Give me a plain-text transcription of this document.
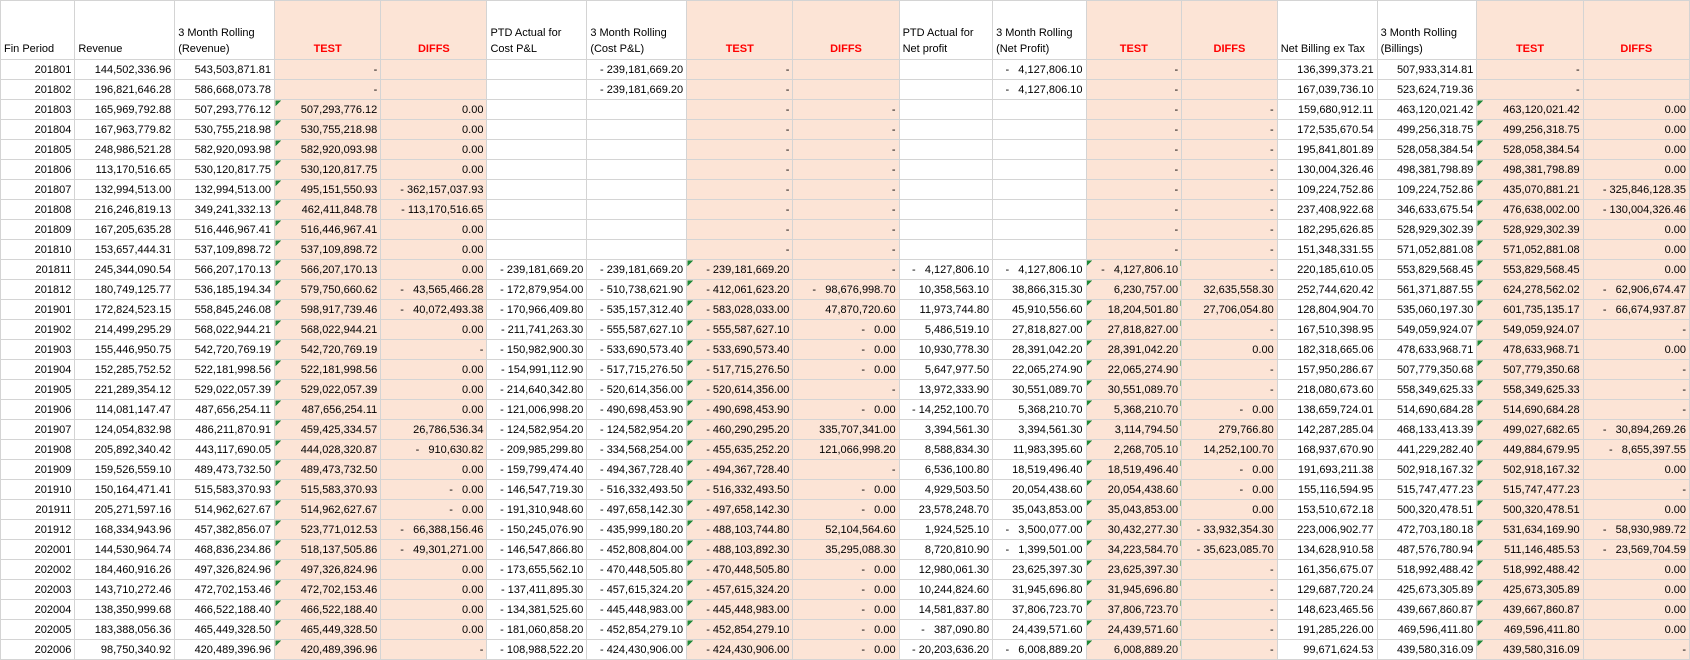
Fin Period	Revenue	3 Month Rolling (Revenue)	TEST	DIFFS	PTD Actual for Cost P&L	3 Month Rolling (Cost P&L)	TEST	DIFFS	PTD Actual for Net profit	3 Month Rolling (Net Profit)	TEST	DIFFS	Net Billing ex Tax	3 Month Rolling (Billings)	TEST	DIFFS
201801	144,502,336.96	543,503,871.81	-			- 239,181,669.20	-			-   4,127,806.10	-		136,399,373.21	507,933,314.81	-	
201802	196,821,646.28	586,668,073.78	-			- 239,181,669.20	-			-   4,127,806.10	-		167,039,736.10	523,624,719.36	-	
201803	165,969,792.88	507,293,776.12	507,293,776.12	0.00			-	-			-	-	159,680,912.11	463,120,021.42	463,120,021.42	0.00
201804	167,963,779.82	530,755,218.98	530,755,218.98	0.00			-	-			-	-	172,535,670.54	499,256,318.75	499,256,318.75	0.00
201805	248,986,521.28	582,920,093.98	582,920,093.98	0.00			-	-			-	-	195,841,801.89	528,058,384.54	528,058,384.54	0.00
201806	113,170,516.65	530,120,817.75	530,120,817.75	0.00			-	-			-	-	130,004,326.46	498,381,798.89	498,381,798.89	0.00
201807	132,994,513.00	132,994,513.00	495,151,550.93	- 362,157,037.93			-	-			-	-	109,224,752.86	109,224,752.86	435,070,881.21	- 325,846,128.35
201808	216,246,819.13	349,241,332.13	462,411,848.78	- 113,170,516.65			-	-			-	-	237,408,922.68	346,633,675.54	476,638,002.00	- 130,004,326.46
201809	167,205,635.28	516,446,967.41	516,446,967.41	0.00			-	-			-	-	182,295,626.85	528,929,302.39	528,929,302.39	0.00
201810	153,657,444.31	537,109,898.72	537,109,898.72	0.00			-	-			-	-	151,348,331.55	571,052,881.08	571,052,881.08	0.00
201811	245,344,090.54	566,207,170.13	566,207,170.13	0.00	- 239,181,669.20	- 239,181,669.20	- 239,181,669.20	-	-   4,127,806.10	-   4,127,806.10	-   4,127,806.10	-	220,185,610.05	553,829,568.45	553,829,568.45	0.00
201812	180,749,125.77	536,185,194.34	579,750,660.62	-   43,565,466.28	- 172,879,954.00	- 510,738,621.90	- 412,061,623.20	-   98,676,998.70	10,358,563.10	38,866,315.30	6,230,757.00	32,635,558.30	252,744,620.42	561,371,887.55	624,278,562.02	-   62,906,674.47
201901	172,824,523.15	558,845,246.08	598,917,739.46	-   40,072,493.38	- 170,966,409.80	- 535,157,312.40	- 583,028,033.00	47,870,720.60	11,973,744.80	45,910,556.60	18,204,501.80	27,706,054.80	128,804,904.70	535,060,197.30	601,735,135.17	-   66,674,937.87
201902	214,499,295.29	568,022,944.21	568,022,944.21	0.00	- 211,741,263.30	- 555,587,627.10	- 555,587,627.10	-   0.00	5,486,519.10	27,818,827.00	27,818,827.00	-	167,510,398.95	549,059,924.07	549,059,924.07	-
201903	155,446,950.75	542,720,769.19	542,720,769.19	-	- 150,982,900.30	- 533,690,573.40	- 533,690,573.40	-   0.00	10,930,778.30	28,391,042.20	28,391,042.20	0.00	182,318,665.06	478,633,968.71	478,633,968.71	0.00
201904	152,285,752.52	522,181,998.56	522,181,998.56	0.00	- 154,991,112.90	- 517,715,276.50	- 517,715,276.50	-   0.00	5,647,977.50	22,065,274.90	22,065,274.90	-	157,950,286.67	507,779,350.68	507,779,350.68	-
201905	221,289,354.12	529,022,057.39	529,022,057.39	0.00	- 214,640,342.80	- 520,614,356.00	- 520,614,356.00	-	13,972,333.90	30,551,089.70	30,551,089.70	-	218,080,673.60	558,349,625.33	558,349,625.33	-
201906	114,081,147.47	487,656,254.11	487,656,254.11	0.00	- 121,006,998.20	- 490,698,453.90	- 490,698,453.90	-   0.00	- 14,252,100.70	5,368,210.70	5,368,210.70	-   0.00	138,659,724.01	514,690,684.28	514,690,684.28	-
201907	124,054,832.98	486,211,870.91	459,425,334.57	26,786,536.34	- 124,582,954.20	- 124,582,954.20	- 460,290,295.20	335,707,341.00	3,394,561.30	3,394,561.30	3,114,794.50	279,766.80	142,287,285.04	468,133,413.39	499,027,682.65	-   30,894,269.26
201908	205,892,340.42	443,117,690.05	444,028,320.87	-   910,630.82	- 209,985,299.80	- 334,568,254.00	- 455,635,252.20	121,066,998.20	8,588,834.30	11,983,395.60	2,268,705.10	14,252,100.70	168,937,670.90	441,229,282.40	449,884,679.95	-   8,655,397.55
201909	159,526,559.10	489,473,732.50	489,473,732.50	0.00	- 159,799,474.40	- 494,367,728.40	- 494,367,728.40	-	6,536,100.80	18,519,496.40	18,519,496.40	-   0.00	191,693,211.38	502,918,167.32	502,918,167.32	0.00
201910	150,164,471.41	515,583,370.93	515,583,370.93	-   0.00	- 146,547,719.30	- 516,332,493.50	- 516,332,493.50	-   0.00	4,929,503.50	20,054,438.60	20,054,438.60	-   0.00	155,116,594.95	515,747,477.23	515,747,477.23	-
201911	205,271,597.16	514,962,627.67	514,962,627.67	-   0.00	- 191,310,948.60	- 497,658,142.30	- 497,658,142.30	-   0.00	23,578,248.70	35,043,853.00	35,043,853.00	0.00	153,510,672.18	500,320,478.51	500,320,478.51	0.00
201912	168,334,943.96	457,382,856.07	523,771,012.53	-   66,388,156.46	- 150,245,076.90	- 435,999,180.20	- 488,103,744.80	52,104,564.60	1,924,525.10	-   3,500,077.00	30,432,277.30	- 33,932,354.30	223,006,902.77	472,703,180.18	531,634,169.90	-   58,930,989.72
202001	144,530,964.74	468,836,234.86	518,137,505.86	-   49,301,271.00	- 146,547,866.80	- 452,808,804.00	- 488,103,892.30	35,295,088.30	8,720,810.90	-   1,399,501.00	34,223,584.70	- 35,623,085.70	134,628,910.58	487,576,780.94	511,146,485.53	-   23,569,704.59
202002	184,460,916.26	497,326,824.96	497,326,824.96	0.00	- 173,655,562.10	- 470,448,505.80	- 470,448,505.80	-   0.00	12,980,061.30	23,625,397.30	23,625,397.30	-	161,356,675.07	518,992,488.42	518,992,488.42	0.00
202003	143,710,272.46	472,702,153.46	472,702,153.46	0.00	- 137,411,895.30	- 457,615,324.20	- 457,615,324.20	-   0.00	10,244,824.60	31,945,696.80	31,945,696.80	-	129,687,720.24	425,673,305.89	425,673,305.89	0.00
202004	138,350,999.68	466,522,188.40	466,522,188.40	0.00	- 134,381,525.60	- 445,448,983.00	- 445,448,983.00	-   0.00	14,581,837.80	37,806,723.70	37,806,723.70	-	148,623,465.56	439,667,860.87	439,667,860.87	0.00
202005	183,388,056.36	465,449,328.50	465,449,328.50	0.00	- 181,060,858.20	- 452,854,279.10	- 452,854,279.10	-   0.00	-   387,090.80	24,439,571.60	24,439,571.60	-	191,285,226.00	469,596,411.80	469,596,411.80	0.00
202006	98,750,340.92	420,489,396.96	420,489,396.96	-	- 108,988,522.20	- 424,430,906.00	- 424,430,906.00	-   0.00	- 20,203,636.20	-   6,008,889.20	6,008,889.20	-	99,671,624.53	439,580,316.09	439,580,316.09	-
